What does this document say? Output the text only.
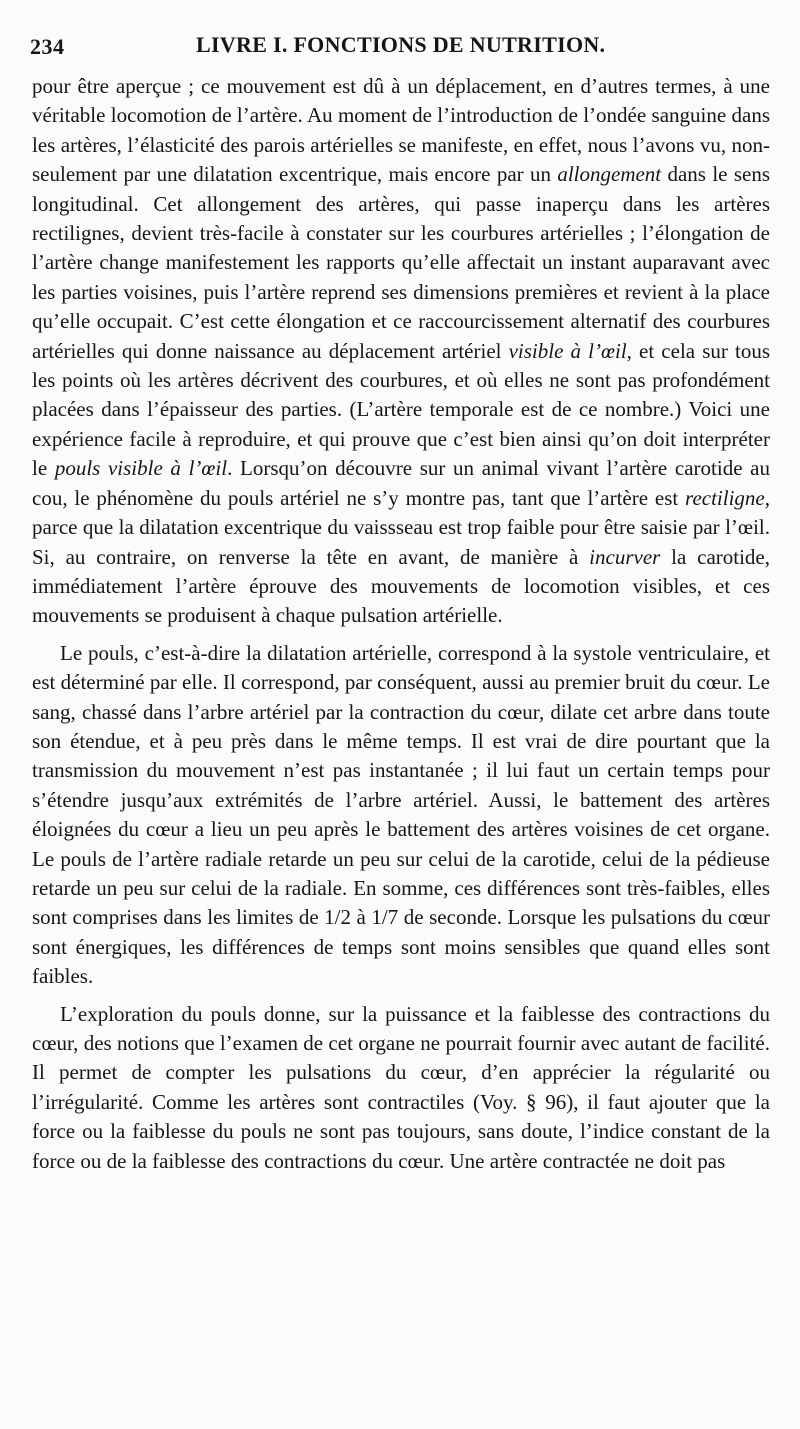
234	LIVRE I. FONCTIONS DE NUTRITION.

pour être aperçue ; ce mouvement est dû à un déplacement, en d’autres termes, à une véritable locomotion de l’artère. Au moment de l’introduction de l’ondée sanguine dans les artères, l’élasticité des parois artérielles se manifeste, en effet, nous l’avons vu, non-seulement par une dilatation excentrique, mais encore par un allongement dans le sens longitudinal. Cet allongement des artères, qui passe inaperçu dans les artères rectilignes, devient très-facile à constater sur les courbures artérielles ; l’élongation de l’artère change manifestement les rapports qu’elle affectait un instant auparavant avec les parties voisines, puis l’artère reprend ses dimensions premières et revient à la place qu’elle occupait. C’est cette élongation et ce raccourcissement alternatif des courbures artérielles qui donne naissance au déplacement artériel visible à l’œil, et cela sur tous les points où les artères décrivent des courbures, et où elles ne sont pas profondément placées dans l’épaisseur des parties. (L’artère temporale est de ce nombre.) Voici une expérience facile à reproduire, et qui prouve que c’est bien ainsi qu’on doit interpréter le pouls visible à l’œil. Lorsqu’on découvre sur un animal vivant l’artère carotide au cou, le phénomène du pouls artériel ne s’y montre pas, tant que l’artère est rectiligne, parce que la dilatation excentrique du vaissseau est trop faible pour être saisie par l’œil. Si, au contraire, on renverse la tête en avant, de manière à incurver la carotide, immédiatement l’artère éprouve des mouvements de locomotion visibles, et ces mouvements se produisent à chaque pulsation artérielle.

Le pouls, c’est-à-dire la dilatation artérielle, correspond à la systole ventriculaire, et est déterminé par elle. Il correspond, par conséquent, aussi au premier bruit du cœur. Le sang, chassé dans l’arbre artériel par la contraction du cœur, dilate cet arbre dans toute son étendue, et à peu près dans le même temps. Il est vrai de dire pourtant que la transmission du mouvement n’est pas instantanée ; il lui faut un certain temps pour s’étendre jusqu’aux extrémités de l’arbre artériel. Aussi, le battement des artères éloignées du cœur a lieu un peu après le battement des artères voisines de cet organe. Le pouls de l’artère radiale retarde un peu sur celui de la carotide, celui de la pédieuse retarde un peu sur celui de la radiale. En somme, ces différences sont très-faibles, elles sont comprises dans les limites de 1/2 à 1/7 de seconde. Lorsque les pulsations du cœur sont énergiques, les différences de temps sont moins sensibles que quand elles sont faibles.

L’exploration du pouls donne, sur la puissance et la faiblesse des contractions du cœur, des notions que l’examen de cet organe ne pourrait fournir avec autant de facilité. Il permet de compter les pulsations du cœur, d’en apprécier la régularité ou l’irrégularité. Comme les artères sont contractiles (Voy. § 96), il faut ajouter que la force ou la faiblesse du pouls ne sont pas toujours, sans doute, l’indice constant de la force ou de la faiblesse des contractions du cœur. Une artère contractée ne doit pas
